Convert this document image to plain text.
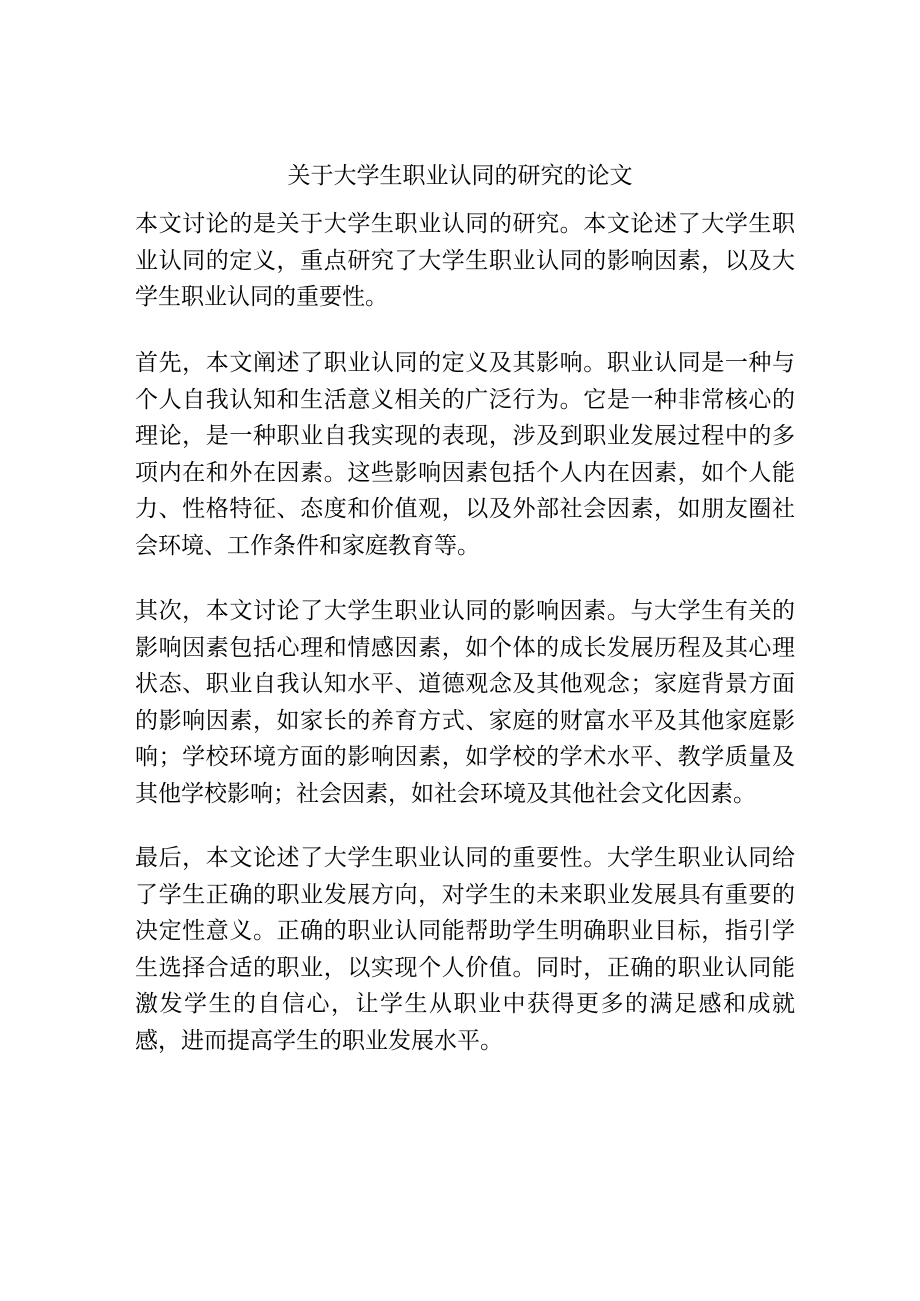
关于大学生职业认同的研究的论文
本文讨论的是关于大学生职业认同的研究。本文论述了大学生职业认同的定义，重点研究了大学生职业认同的影响因素，以及大学生职业认同的重要性。
首先，本文阐述了职业认同的定义及其影响。职业认同是一种与个人自我认知和生活意义相关的广泛行为。它是一种非常核心的理论，是一种职业自我实现的表现，涉及到职业发展过程中的多项内在和外在因素。这些影响因素包括个人内在因素，如个人能力、性格特征、态度和价值观，以及外部社会因素，如朋友圈社会环境、工作条件和家庭教育等。
其次，本文讨论了大学生职业认同的影响因素。与大学生有关的影响因素包括心理和情感因素，如个体的成长发展历程及其心理状态、职业自我认知水平、道德观念及其他观念；家庭背景方面的影响因素，如家长的养育方式、家庭的财富水平及其他家庭影响；学校环境方面的影响因素，如学校的学术水平、教学质量及其他学校影响；社会因素，如社会环境及其他社会文化因素。
最后，本文论述了大学生职业认同的重要性。大学生职业认同给了学生正确的职业发展方向，对学生的未来职业发展具有重要的决定性意义。正确的职业认同能帮助学生明确职业目标，指引学生选择合适的职业，以实现个人价值。同时，正确的职业认同能激发学生的自信心，让学生从职业中获得更多的满足感和成就感，进而提高学生的职业发展水平。
